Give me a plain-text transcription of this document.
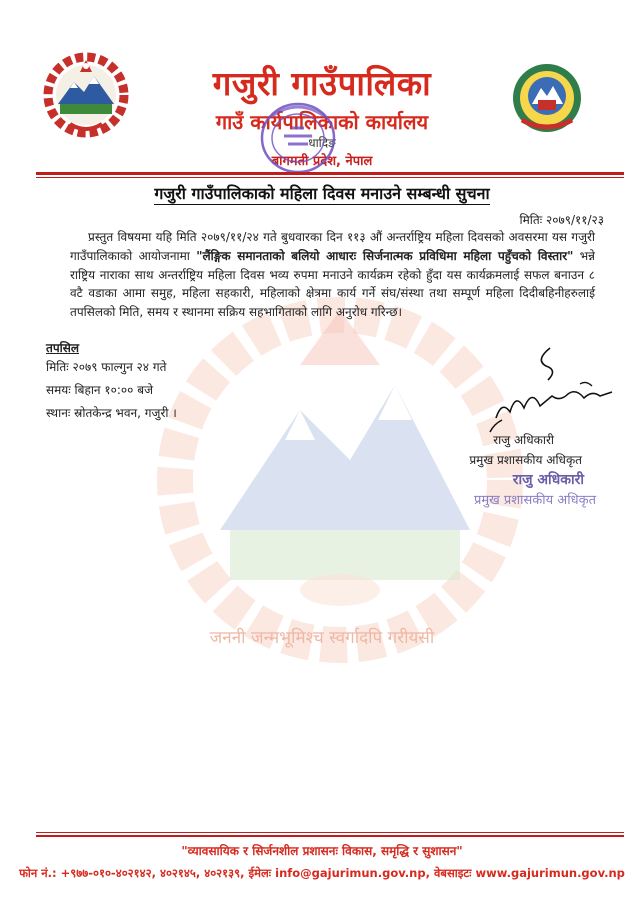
गजुरी गाउँपालिका
गाउँ कार्यपालिकाको कार्यालय
धादिङ
बागमती प्रदेश, नेपाल
जननी जन्मभूमिश्च स्वर्गादपि गरीयसी
गजुरी गाउँपालिकाको महिला दिवस मनाउने सम्बन्धी सुचना
मितिः २०७९/११/२३
प्रस्तुत विषयमा यहि मिति २०७९/११/२४ गते बुधवारका दिन ११३ औं अन्तर्राष्ट्रिय महिला दिवसको अवसरमा यस गजुरी गाउँपालिकाको आयोजनामा "लैंङ्गिक समानताको बलियो आधारः सिर्जनात्मक प्रविधिमा महिला पहुँचको विस्तार" भन्ने राष्ट्रिय नाराका साथ अन्तर्राष्ट्रिय महिला दिवस भव्य रुपमा मनाउने कार्यक्रम रहेको हुँदा यस कार्यक्रमलाई सफल बनाउन ८ वटै वडाका आमा समुह, महिला सहकारी, महिलाको क्षेत्रमा कार्य गर्ने संघ/संस्था तथा सम्पूर्ण महिला दिदीबहिनीहरुलाई तपसिलको मिति, समय र स्थानमा सक्रिय सहभागिताको लागि अनुरोध गरिन्छ।
तपसिल
मितिः २०७९ फाल्गुन २४ गते
समयः बिहान १०:०० बजे
स्थानः स्रोतकेन्द्र भवन, गजुरी ।
राजु अधिकारी
प्रमुख प्रशासकीय अधिकृत
राजु अधिकारी
प्रमुख प्रशासकीय अधिकृत
"व्यावसायिक र सिर्जनशील प्रशासनः विकास, समृद्धि र सुशासन"
फोन नं.: +९७७-०१०-४०२१४२, ४०२१४५, ४०२१३९, ईमेलः info@gajurimun.gov.np, वेबसाइटः www.gajurimun.gov.np
